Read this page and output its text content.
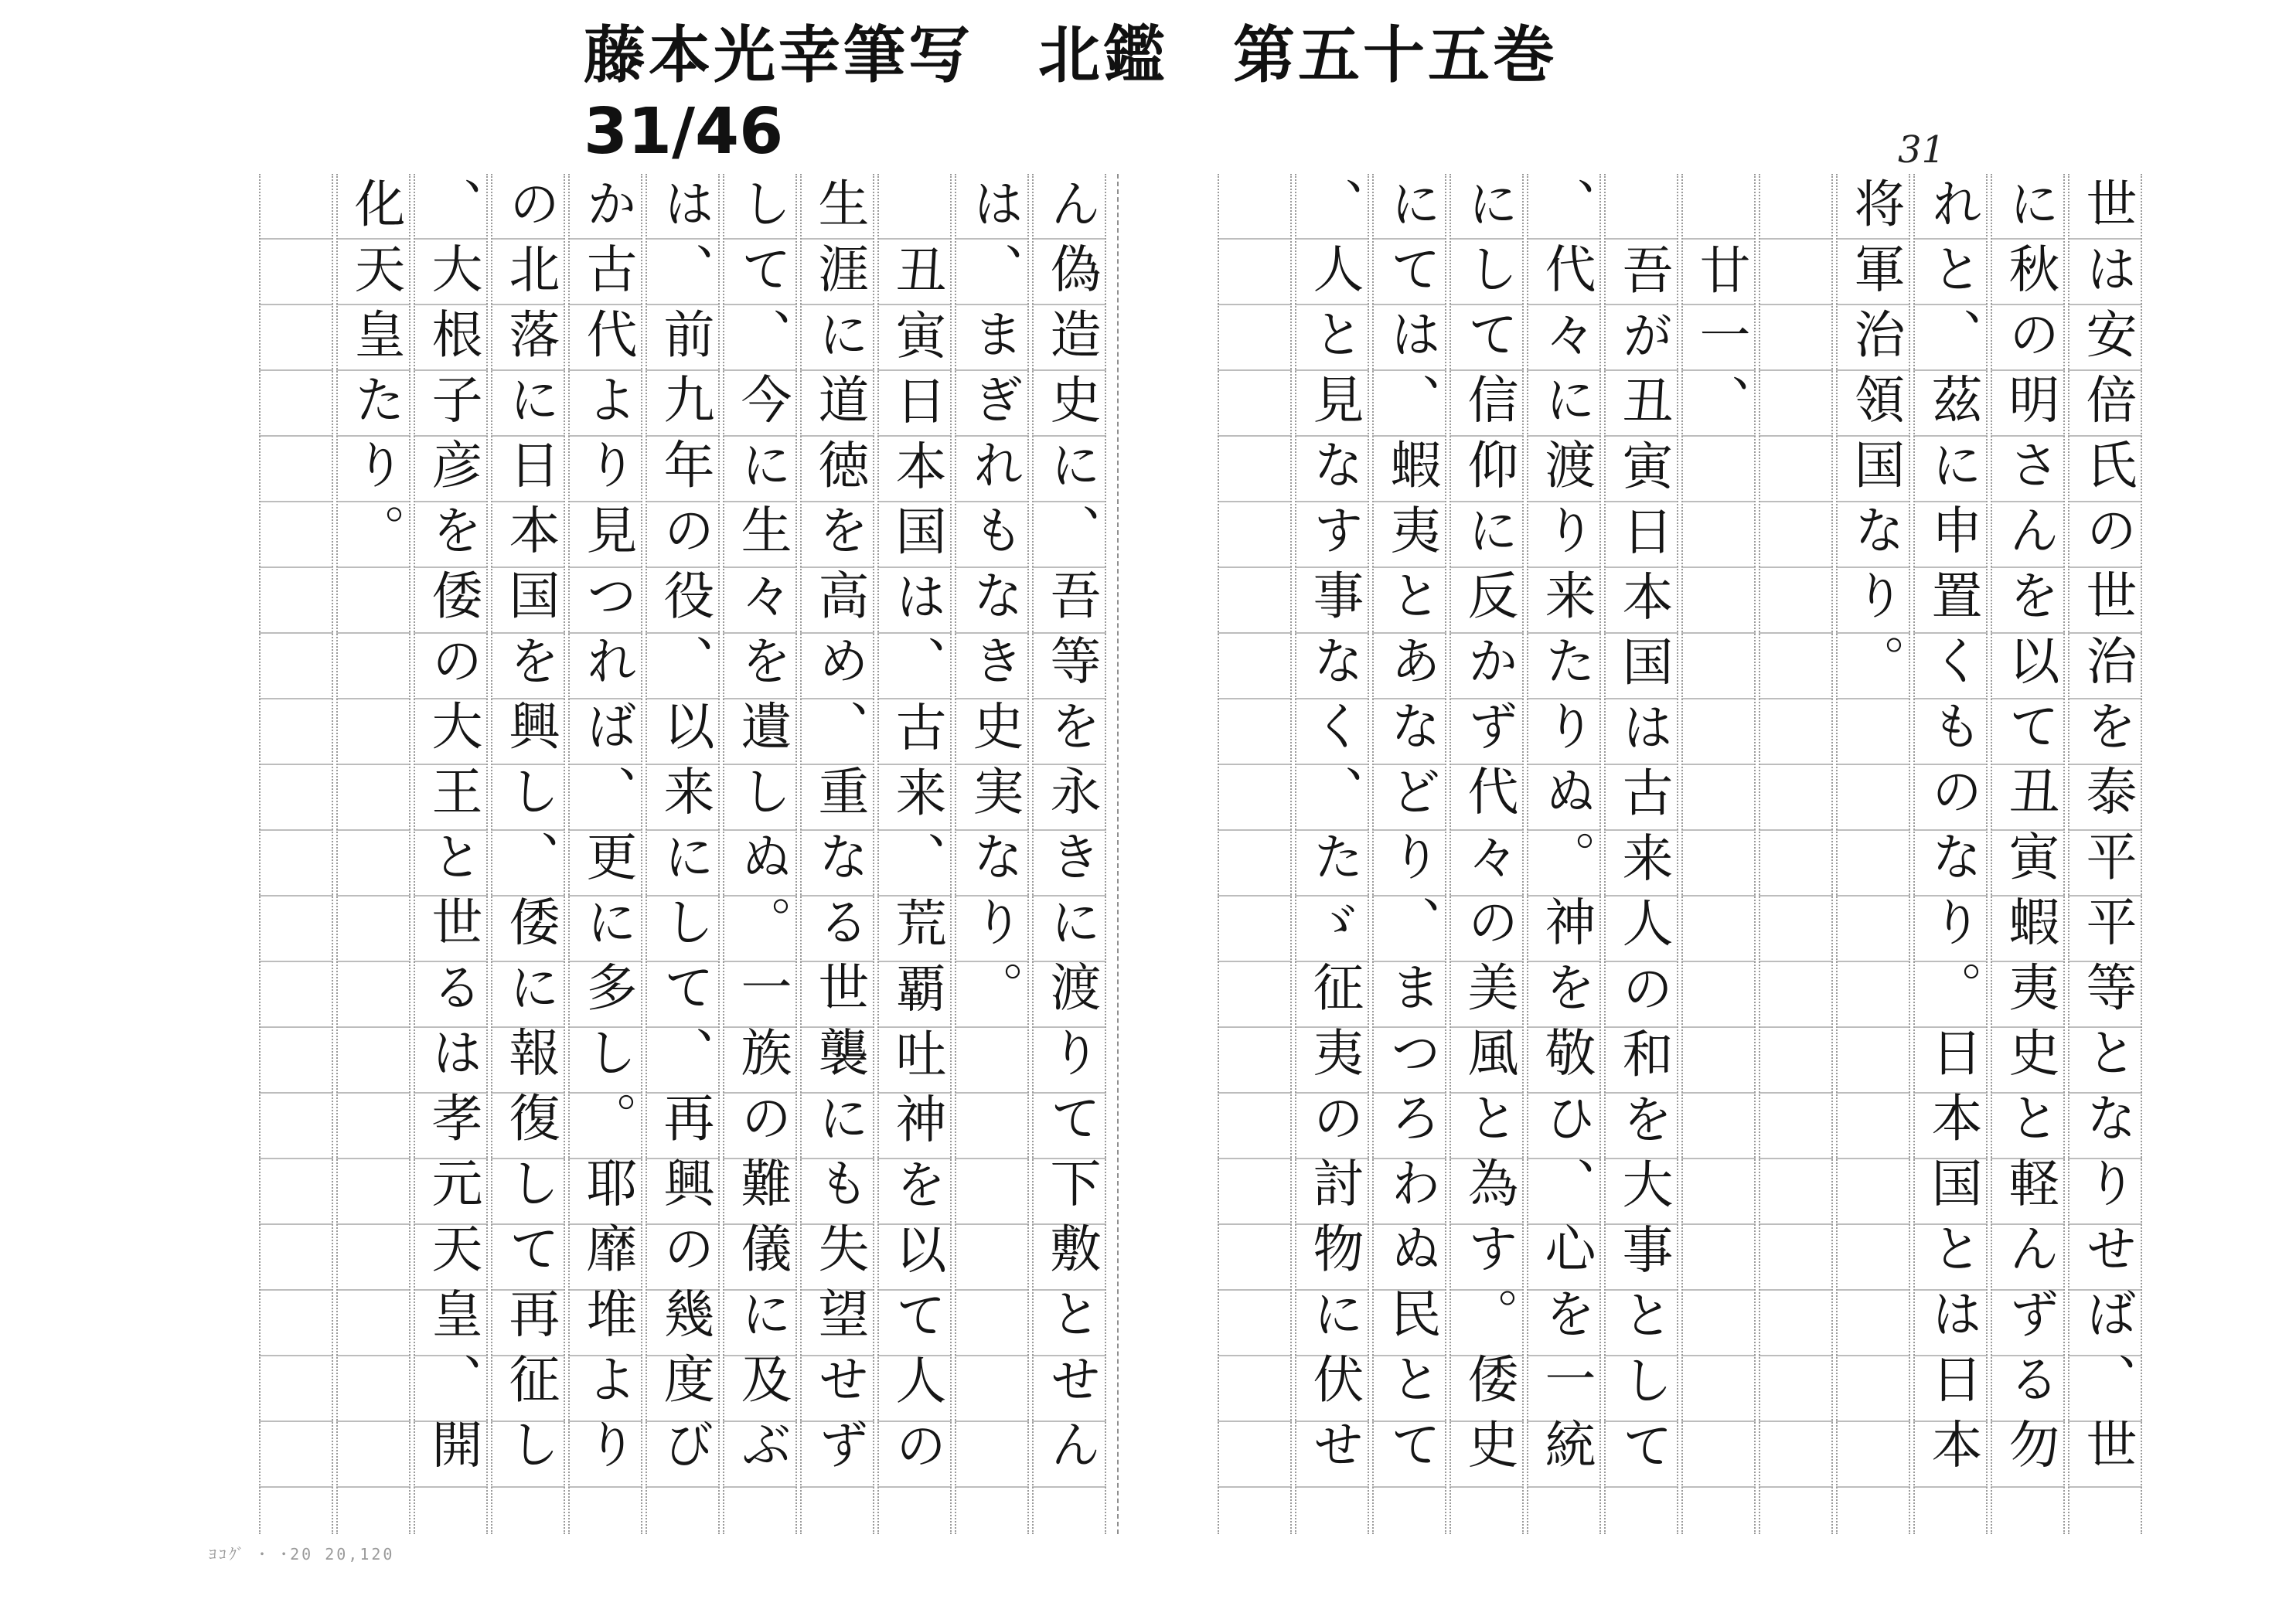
藤本光幸筆写　北鑑　第五十五巻
31/46	31
世は安倍氏の世治を泰平平等となりせば、世
に秋の明さんを以て丑寅蝦夷史と軽んずる勿
れと、茲に申置くものなり。日本国とは日本
将軍治領国なり。
廿一、
吾が丑寅日本国は古来人の和を大事として
、代々に渡り来たりぬ。神を敬ひ、心を一統
にして信仰に反かず代々の美風と為す。倭史
にては、蝦夷とあなどり、まつろわぬ民とて
、人と見なす事なく、たゞ征夷の討物に伏せ
ん偽造史に、吾等を永きに渡りて下敷とせん
は、まぎれもなき史実なり。
丑寅日本国は、古来、荒覇吐神を以て人の
生涯に道徳を高め、重なる世襲にも失望せず
して、今に生々を遺しぬ。一族の難儀に及ぶ
は、前九年の役、以来にして、再興の幾度び
か古代より見つれば、更に多し。耶靡堆より
の北落に日本国を興し、倭に報復して再征し
、大根子彦を倭の大王と世るは孝元天皇、開
化天皇たり。
ﾖｺｸﾞ ･ ･20 20,120
